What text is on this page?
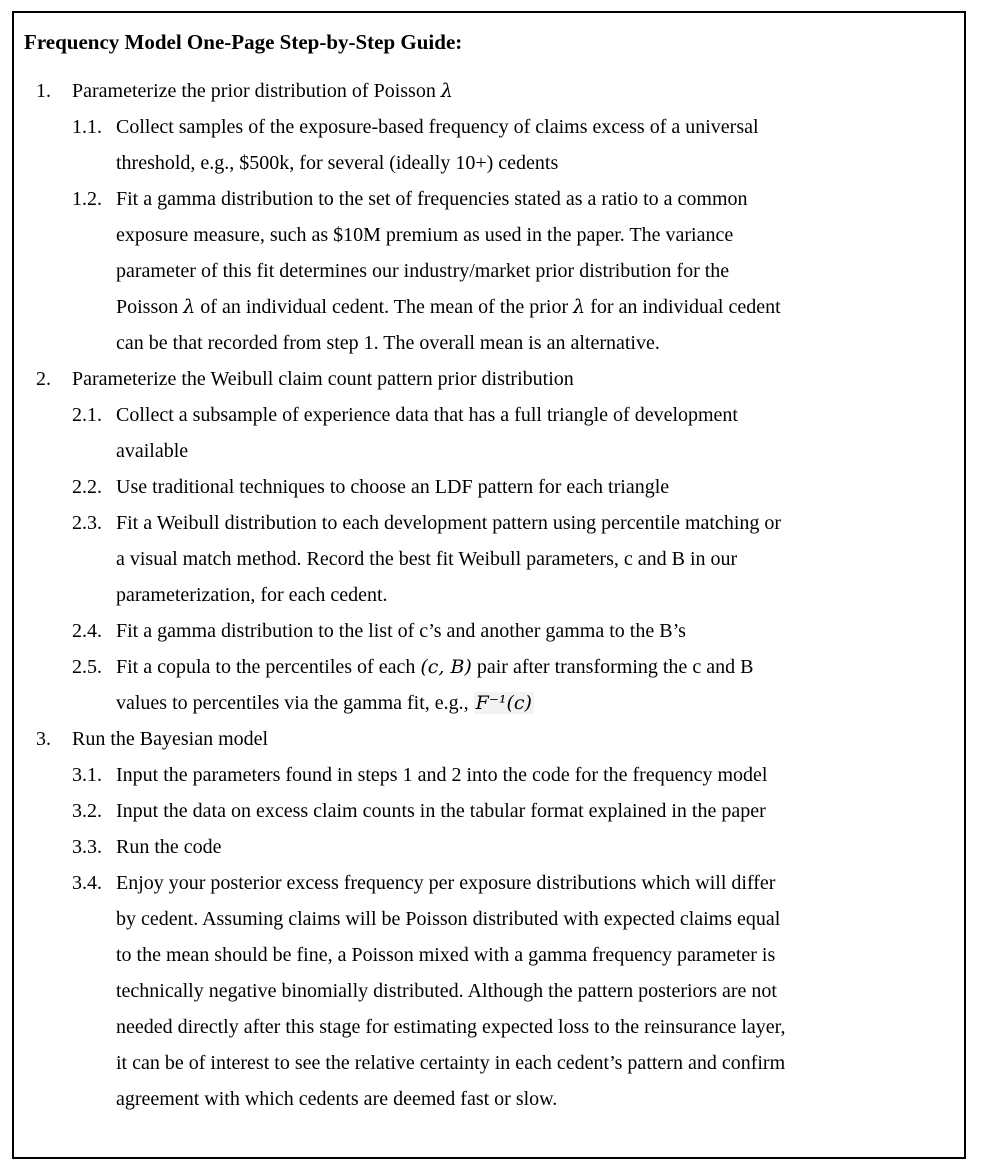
Frequency Model One-Page Step-by-Step Guide:
1. Parameterize the prior distribution of Poisson λ
1.1. Collect samples of the exposure-based frequency of claims excess of a universal
threshold, e.g., $500k, for several (ideally 10+) cedents
1.2. Fit a gamma distribution to the set of frequencies stated as a ratio to a common
exposure measure, such as $10M premium as used in the paper. The variance
parameter of this fit determines our industry/market prior distribution for the
Poisson λ of an individual cedent. The mean of the prior λ for an individual cedent
can be that recorded from step 1. The overall mean is an alternative.
2. Parameterize the Weibull claim count pattern prior distribution
2.1. Collect a subsample of experience data that has a full triangle of development
available
2.2. Use traditional techniques to choose an LDF pattern for each triangle
2.3. Fit a Weibull distribution to each development pattern using percentile matching or
a visual match method. Record the best fit Weibull parameters, c and B in our
parameterization, for each cedent.
2.4. Fit a gamma distribution to the list of c’s and another gamma to the B’s
2.5. Fit a copula to the percentiles of each (c, B) pair after transforming the c and B
values to percentiles via the gamma fit, e.g., F⁻¹(c)
3. Run the Bayesian model
3.1. Input the parameters found in steps 1 and 2 into the code for the frequency model
3.2. Input the data on excess claim counts in the tabular format explained in the paper
3.3. Run the code
3.4. Enjoy your posterior excess frequency per exposure distributions which will differ
by cedent. Assuming claims will be Poisson distributed with expected claims equal
to the mean should be fine, a Poisson mixed with a gamma frequency parameter is
technically negative binomially distributed. Although the pattern posteriors are not
needed directly after this stage for estimating expected loss to the reinsurance layer,
it can be of interest to see the relative certainty in each cedent’s pattern and confirm
agreement with which cedents are deemed fast or slow.
